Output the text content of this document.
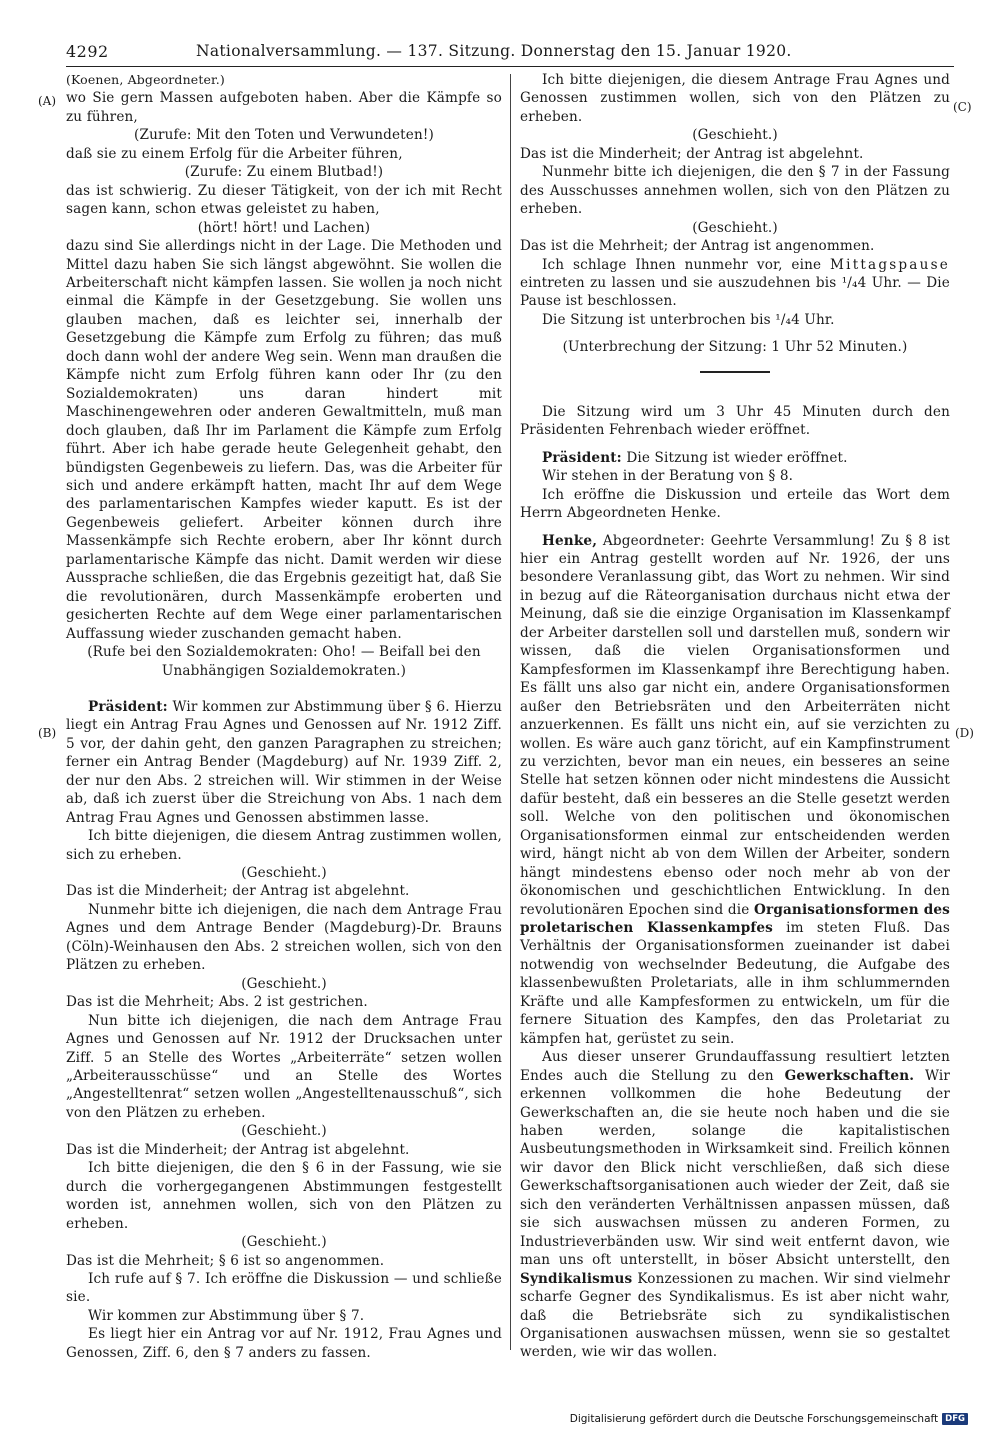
4292	Nationalversammlung. — 137. Sitzung. Donnerstag den 15. Januar 1920.
(A)
(B)
(C)
(D)

(Koenen, Abgeordneter.)

wo Sie gern Massen aufgeboten haben. Aber die Kämpfe so zu führen,

(Zurufe: Mit den Toten und Verwundeten!)

daß sie zu einem Erfolg für die Arbeiter führen,

(Zurufe: Zu einem Blutbad!)

das ist schwierig. Zu dieser Tätigkeit, von der ich mit Recht sagen kann, schon etwas geleistet zu haben,

(hört! hört! und Lachen)

dazu sind Sie allerdings nicht in der Lage. Die Methoden und Mittel dazu haben Sie sich längst abgewöhnt. Sie wollen die Arbeiterschaft nicht kämpfen lassen. Sie wollen ja noch nicht einmal die Kämpfe in der Gesetzgebung. Sie wollen uns glauben machen, daß es leichter sei, innerhalb der Gesetzgebung die Kämpfe zum Erfolg zu führen; das muß doch dann wohl der andere Weg sein. Wenn man draußen die Kämpfe nicht zum Erfolg führen kann oder Ihr (zu den Sozialdemokraten) uns daran hindert mit Maschinengewehren oder anderen Gewaltmitteln, muß man doch glauben, daß Ihr im Parlament die Kämpfe zum Erfolg führt. Aber ich habe gerade heute Gelegenheit gehabt, den bündigsten Gegenbeweis zu liefern. Das, was die Arbeiter für sich und andere erkämpft hatten, macht Ihr auf dem Wege des parlamentarischen Kampfes wieder kaputt. Es ist der Gegenbeweis geliefert. Arbeiter können durch ihre Massenkämpfe sich Rechte erobern, aber Ihr könnt durch parlamentarische Kämpfe das nicht. Damit werden wir diese Aussprache schließen, die das Ergebnis gezeitigt hat, daß Sie die revolutionären, durch Massenkämpfe eroberten und gesicherten Rechte auf dem Wege einer parlamentarischen Auffassung wieder zuschanden gemacht haben.

(Rufe bei den Sozialdemokraten: Oho! — Beifall bei den Unabhängigen Sozialdemokraten.)

Präsident: Wir kommen zur Abstimmung über § 6. Hierzu liegt ein Antrag Frau Agnes und Genossen auf Nr. 1912 Ziff. 5 vor, der dahin geht, den ganzen Paragraphen zu streichen; ferner ein Antrag Bender (Magdeburg) auf Nr. 1939 Ziff. 2, der nur den Abs. 2 streichen will. Wir stimmen in der Weise ab, daß ich zuerst über die Streichung von Abs. 1 nach dem Antrag Frau Agnes und Genossen abstimmen lasse.

Ich bitte diejenigen, die diesem Antrag zustimmen wollen, sich zu erheben.

(Geschieht.)

Das ist die Minderheit; der Antrag ist abgelehnt.

Nunmehr bitte ich diejenigen, die nach dem Antrage Frau Agnes und dem Antrage Bender (Magdeburg)-Dr. Brauns (Cöln)-Weinhausen den Abs. 2 streichen wollen, sich von den Plätzen zu erheben.

(Geschieht.)

Das ist die Mehrheit; Abs. 2 ist gestrichen.

Nun bitte ich diejenigen, die nach dem Antrage Frau Agnes und Genossen auf Nr. 1912 der Drucksachen unter Ziff. 5 an Stelle des Wortes „Arbeiterräte“ setzen wollen „Arbeiterausschüsse“ und an Stelle des Wortes „Angestelltenrat“ setzen wollen „Angestelltenausschuß“, sich von den Plätzen zu erheben.

(Geschieht.)

Das ist die Minderheit; der Antrag ist abgelehnt.

Ich bitte diejenigen, die den § 6 in der Fassung, wie sie durch die vorhergegangenen Abstimmungen festgestellt worden ist, annehmen wollen, sich von den Plätzen zu erheben.

(Geschieht.)

Das ist die Mehrheit; § 6 ist so angenommen.

Ich rufe auf § 7. Ich eröffne die Diskussion — und schließe sie.

Wir kommen zur Abstimmung über § 7.

Es liegt hier ein Antrag vor auf Nr. 1912, Frau Agnes und Genossen, Ziff. 6, den § 7 anders zu fassen.

Ich bitte diejenigen, die diesem Antrage Frau Agnes und Genossen zustimmen wollen, sich von den Plätzen zu erheben.

(Geschieht.)

Das ist die Minderheit; der Antrag ist abgelehnt.

Nunmehr bitte ich diejenigen, die den § 7 in der Fassung des Ausschusses annehmen wollen, sich von den Plätzen zu erheben.

(Geschieht.)

Das ist die Mehrheit; der Antrag ist angenommen.

Ich schlage Ihnen nunmehr vor, eine Mittagspause eintreten zu lassen und sie auszudehnen bis ¹/₄4 Uhr. — Die Pause ist beschlossen.

Die Sitzung ist unterbrochen bis ¹/₄4 Uhr.

(Unterbrechung der Sitzung: 1 Uhr 52 Minuten.)

Die Sitzung wird um 3 Uhr 45 Minuten durch den Präsidenten Fehrenbach wieder eröffnet.

Präsident: Die Sitzung ist wieder eröffnet.

Wir stehen in der Beratung von § 8.

Ich eröffne die Diskussion und erteile das Wort dem Herrn Abgeordneten Henke.

Henke, Abgeordneter: Geehrte Versammlung! Zu § 8 ist hier ein Antrag gestellt worden auf Nr. 1926, der uns besondere Veranlassung gibt, das Wort zu nehmen. Wir sind in bezug auf die Räteorganisation durchaus nicht etwa der Meinung, daß sie die einzige Organisation im Klassenkampf der Arbeiter darstellen soll und darstellen muß, sondern wir wissen, daß die vielen Organisationsformen und Kampfesformen im Klassenkampf ihre Berechtigung haben. Es fällt uns also gar nicht ein, andere Organisationsformen außer den Betriebsräten und den Arbeiterräten nicht anzuerkennen. Es fällt uns nicht ein, auf sie verzichten zu wollen. Es wäre auch ganz töricht, auf ein Kampfinstrument zu verzichten, bevor man ein neues, ein besseres an seine Stelle hat setzen können oder nicht mindestens die Aussicht dafür besteht, daß ein besseres an die Stelle gesetzt werden soll. Welche von den politischen und ökonomischen Organisationsformen einmal zur entscheidenden werden wird, hängt nicht ab von dem Willen der Arbeiter, sondern hängt mindestens ebenso oder noch mehr ab von der ökonomischen und geschichtlichen Entwicklung. In den revolutionären Epochen sind die Organisationsformen des proletarischen Klassenkampfes im steten Fluß. Das Verhältnis der Organisationsformen zueinander ist dabei notwendig von wechselnder Bedeutung, die Aufgabe des klassenbewußten Proletariats, alle in ihm schlummernden Kräfte und alle Kampfesformen zu entwickeln, um für die fernere Situation des Kampfes, den das Proletariat zu kämpfen hat, gerüstet zu sein.

Aus dieser unserer Grundauffassung resultiert letzten Endes auch die Stellung zu den Gewerkschaften. Wir erkennen vollkommen die hohe Bedeutung der Gewerkschaften an, die sie heute noch haben und die sie haben werden, solange die kapitalistischen Ausbeutungsmethoden in Wirksamkeit sind. Freilich können wir davor den Blick nicht verschließen, daß sich diese Gewerkschaftsorganisationen auch wieder der Zeit, daß sie sich den veränderten Verhältnissen anpassen müssen, daß sie sich auswachsen müssen zu anderen Formen, zu Industrieverbänden usw. Wir sind weit entfernt davon, wie man uns oft unterstellt, in böser Absicht unterstellt, den Syndikalismus Konzessionen zu machen. Wir sind vielmehr scharfe Gegner des Syndikalismus. Es ist aber nicht wahr, daß die Betriebsräte sich zu syndikalistischen Organisationen auswachsen müssen, wenn sie so gestaltet werden, wie wir das wollen.

Digitalisierung gefördert durch die Deutsche Forschungsgemeinschaft DFG
